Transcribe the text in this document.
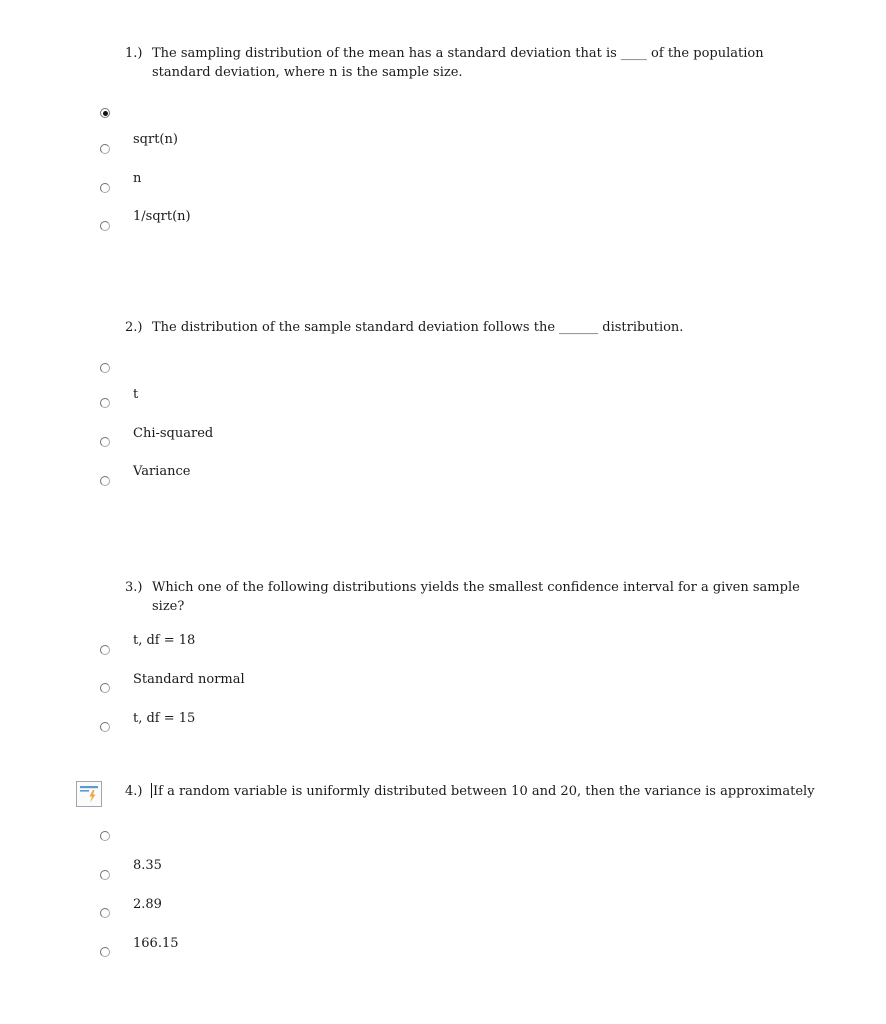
1.) The sampling distribution of the mean has a standard deviation that is ____ of the population standard deviation, where n is the sample size.
sqrt(n)
n
1/sqrt(n)
2.) The distribution of the sample standard deviation follows the ______ distribution.
t
Chi-squared
Variance
3.) Which one of the following distributions yields the smallest confidence interval for a given sample size?
t, df = 18
Standard normal
t, df = 15
4.) If a random variable is uniformly distributed between 10 and 20, then the variance is approximately
8.35
2.89
166.15
